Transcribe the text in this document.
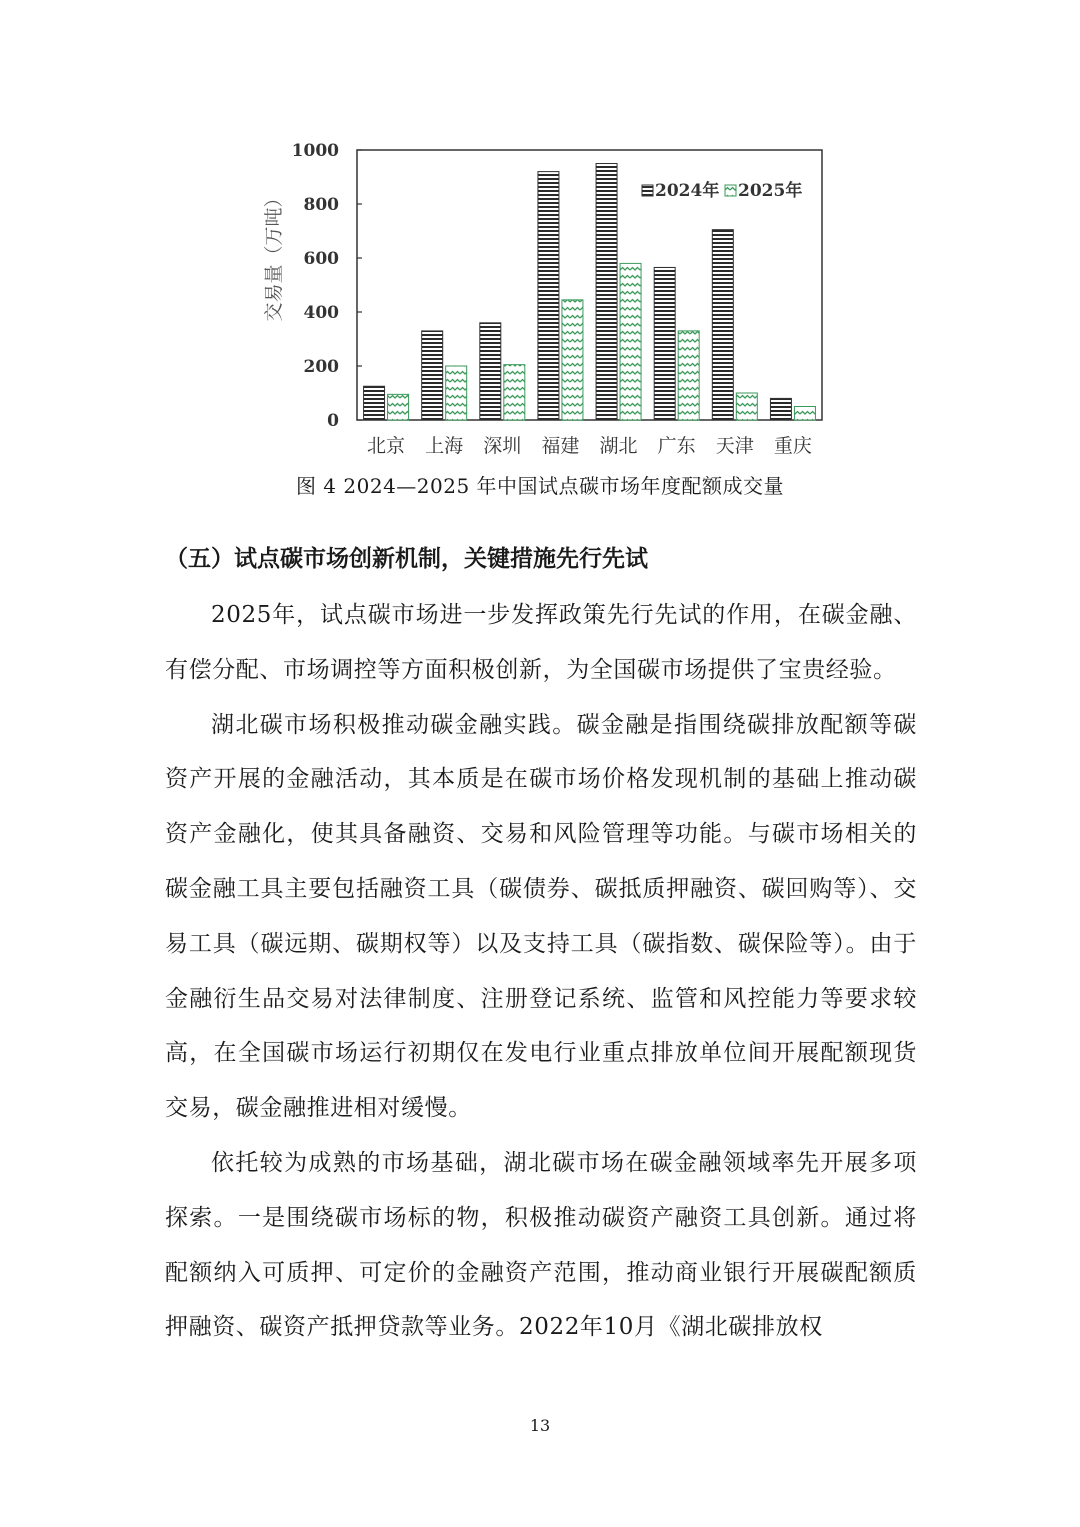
0
200
400
600
800
1000
北京 上海 深圳 福建 湖北 广东 天津 重庆
交易量（万吨）	2024年 2025年
图 4 2024—2025 年中国试点碳市场年度配额成交量
（五）试点碳市场创新机制，关键措施先行先试

2025年，试点碳市场进一步发挥政策先行先试的作用，在碳金融、有偿分配、市场调控等方面积极创新，为全国碳市场提供了宝贵经验。

湖北碳市场积极推动碳金融实践。碳金融是指围绕碳排放配额等碳资产开展的金融活动，其本质是在碳市场价格发现机制的基础上推动碳资产金融化，使其具备融资、交易和风险管理等功能。与碳市场相关的碳金融工具主要包括融资工具（碳债券、碳抵质押融资、碳回购等）、交易工具（碳远期、碳期权等）以及支持工具（碳指数、碳保险等）。由于金融衍生品交易对法律制度、注册登记系统、监管和风控能力等要求较高，在全国碳市场运行初期仅在发电行业重点排放单位间开展配额现货交易，碳金融推进相对缓慢。

依托较为成熟的市场基础，湖北碳市场在碳金融领域率先开展多项探索。一是围绕碳市场标的物，积极推动碳资产融资工具创新。通过将配额纳入可质押、可定价的金融资产范围，推动商业银行开展碳配额质押融资、碳资产抵押贷款等业务。2022年10月《湖北碳排放权

13
